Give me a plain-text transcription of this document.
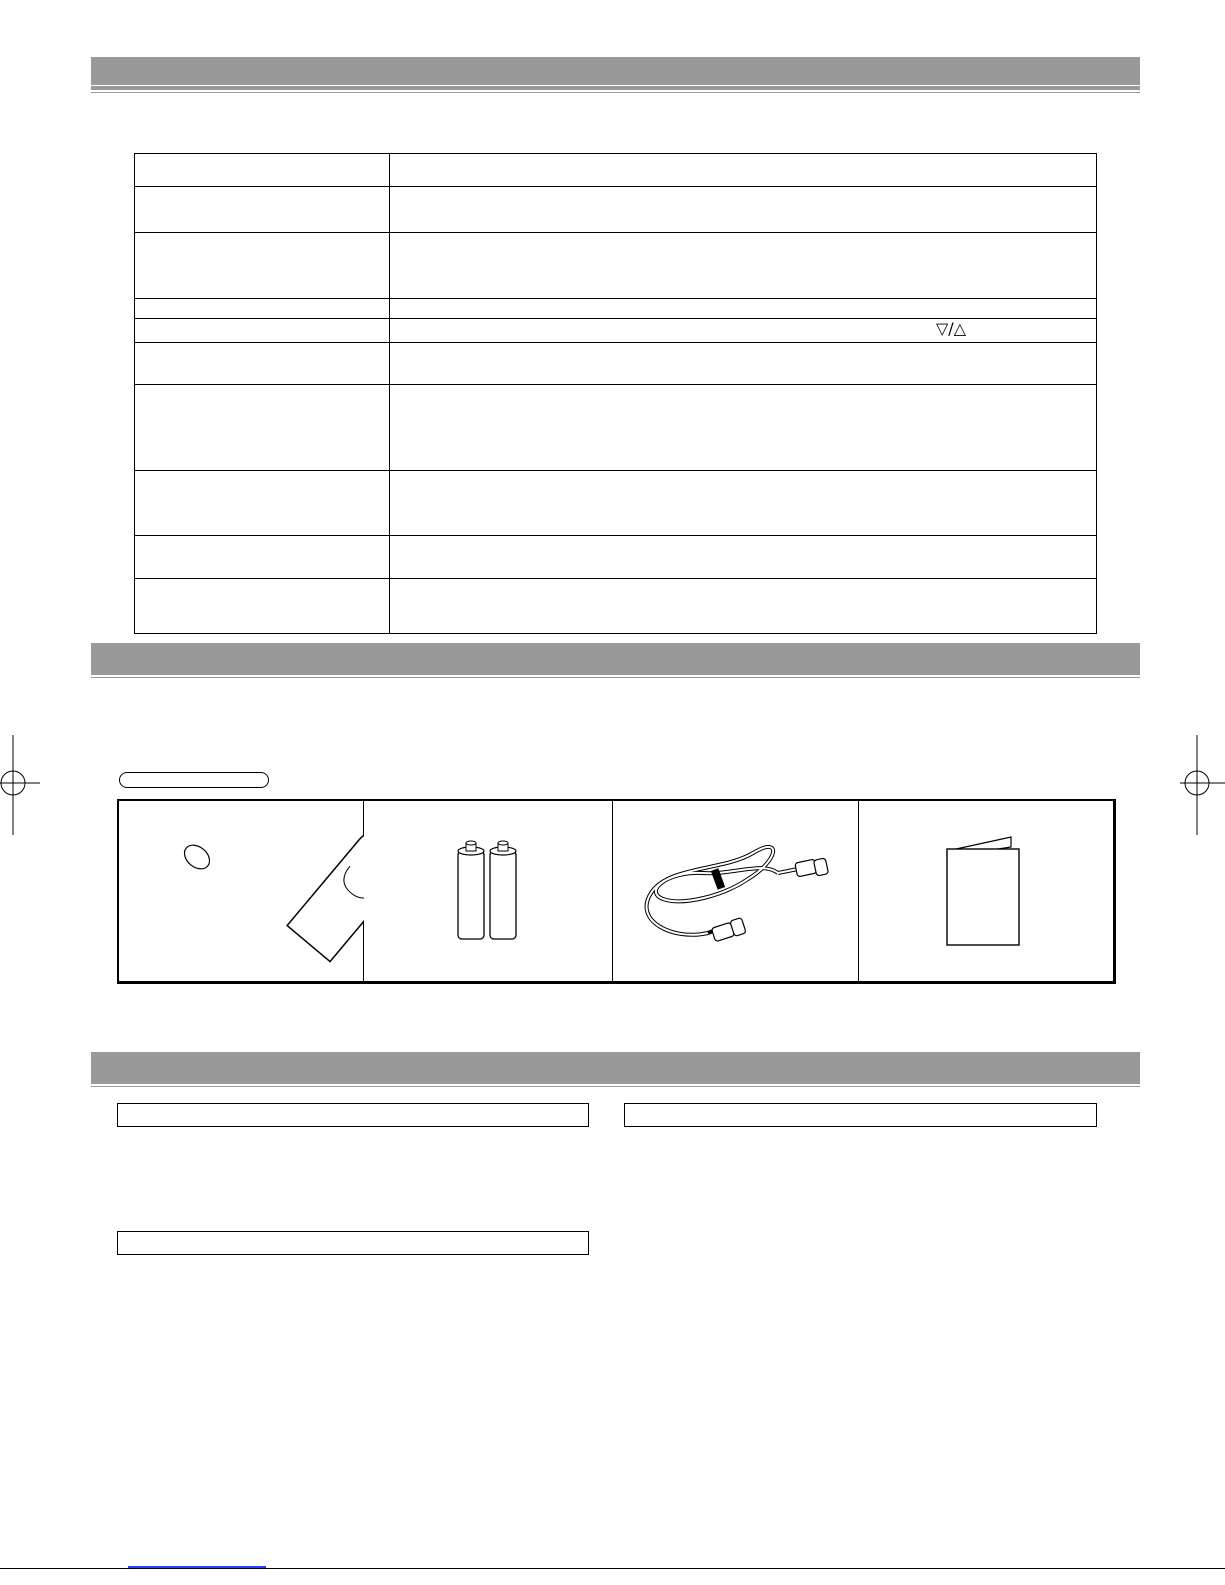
▽/△
